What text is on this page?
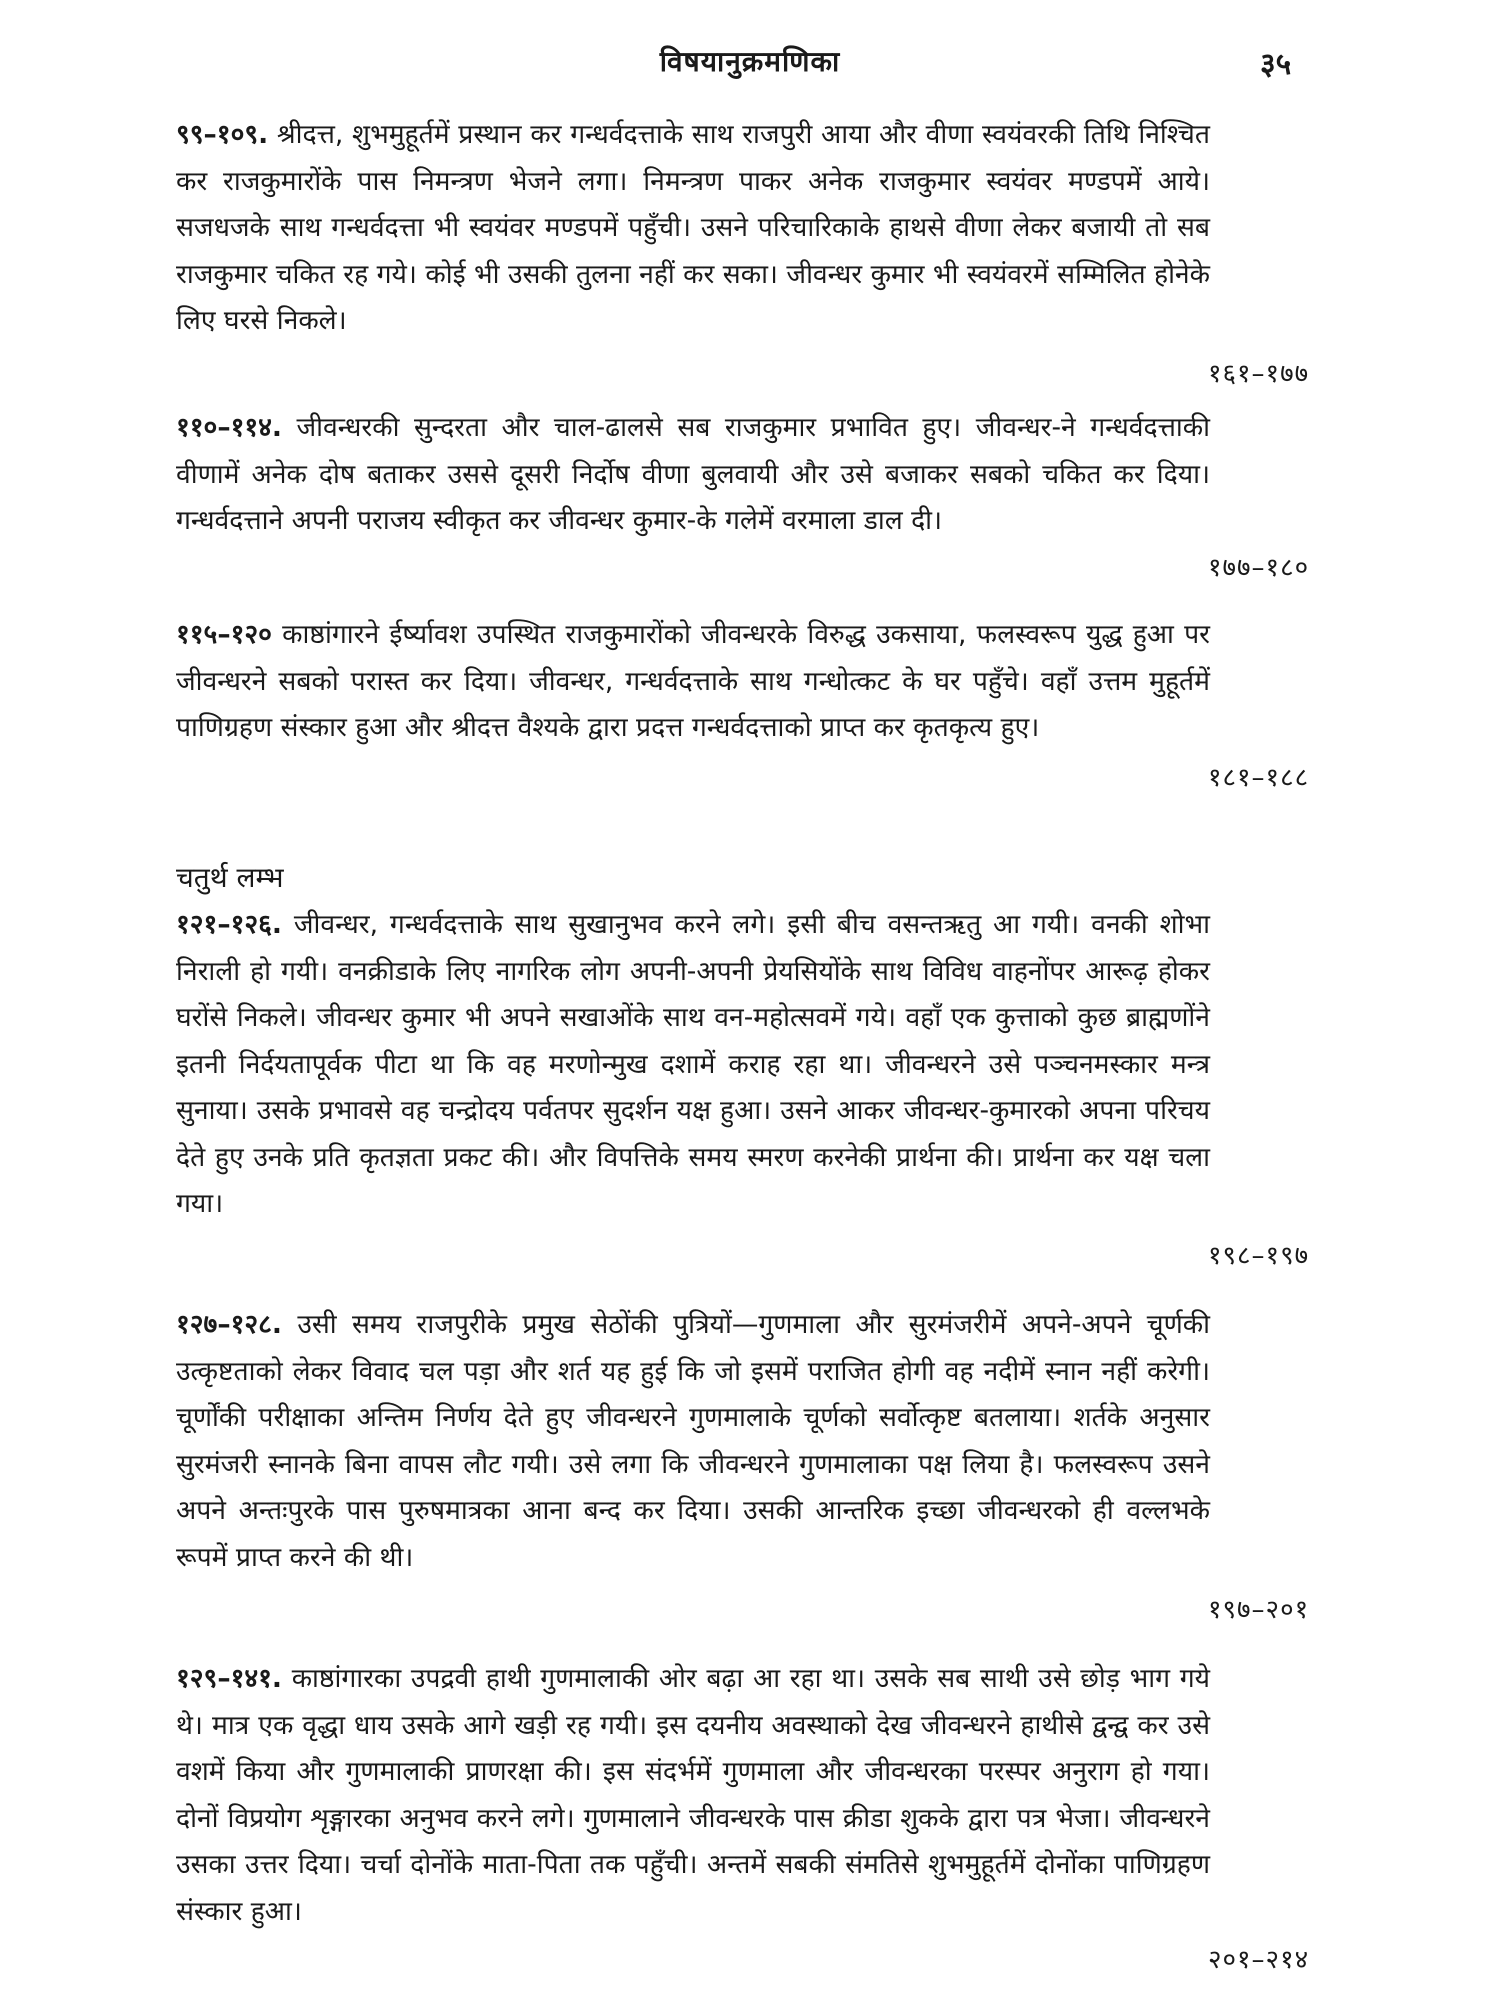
विषयानुक्रमणिका	३५

९९–१०९. श्रीदत्त, शुभमुहूर्तमें प्रस्थान कर गन्धर्वदत्ताके साथ राजपुरी आया और वीणा स्वयंवरकी तिथि निश्चित कर राजकुमारोंके पास निमन्त्रण भेजने लगा। निमन्त्रण पाकर अनेक राजकुमार स्वयंवर मण्डपमें आये। सजधजके साथ गन्धर्वदत्ता भी स्वयंवर मण्डपमें पहुँची। उसने परिचारिकाके हाथसे वीणा लेकर बजायी तो सब राजकुमार चकित रह गये। कोई भी उसकी तुलना नहीं कर सका। जीवन्धर कुमार भी स्वयंवरमें सम्मिलित होनेके लिए घरसे निकले।

१६१–१७७

११०–११४. जीवन्धरकी सुन्दरता और चाल-ढालसे सब राजकुमार प्रभावित हुए। जीवन्धर-ने गन्धर्वदत्ताकी वीणामें अनेक दोष बताकर उससे दूसरी निर्दोष वीणा बुलवायी और उसे बजाकर सबको चकित कर दिया। गन्धर्वदत्ताने अपनी पराजय स्वीकृत कर जीवन्धर कुमार-के गलेमें वरमाला डाल दी।

१७७–१८०

११५–१२० काष्ठांगारने ईर्ष्यावश उपस्थित राजकुमारोंको जीवन्धरके विरुद्ध उकसाया, फलस्वरूप युद्ध हुआ पर जीवन्धरने सबको परास्त कर दिया। जीवन्धर, गन्धर्वदत्ताके साथ गन्धोत्कट के घर पहुँचे। वहाँ उत्तम मुहूर्तमें पाणिग्रहण संस्कार हुआ और श्रीदत्त वैश्यके द्वारा प्रदत्त गन्धर्वदत्ताको प्राप्त कर कृतकृत्य हुए।

१८१–१८८
चतुर्थ लम्भ

१२१–१२६. जीवन्धर, गन्धर्वदत्ताके साथ सुखानुभव करने लगे। इसी बीच वसन्तऋतु आ गयी। वनकी शोभा निराली हो गयी। वनक्रीडाके लिए नागरिक लोग अपनी-अपनी प्रेयसियोंके साथ विविध वाहनोंपर आरूढ़ होकर घरोंसे निकले। जीवन्धर कुमार भी अपने सखाओंके साथ वन-महोत्सवमें गये। वहाँ एक कुत्ताको कुछ ब्राह्मणोंने इतनी निर्दयतापूर्वक पीटा था कि वह मरणोन्मुख दशामें कराह रहा था। जीवन्धरने उसे पञ्चनमस्कार मन्त्र सुनाया। उसके प्रभावसे वह चन्द्रोदय पर्वतपर सुदर्शन यक्ष हुआ। उसने आकर जीवन्धर-कुमारको अपना परिचय देते हुए उनके प्रति कृतज्ञता प्रकट की। और विपत्तिके समय स्मरण करनेकी प्रार्थना की। प्रार्थना कर यक्ष चला गया।

१९८–१९७

१२७–१२८. उसी समय राजपुरीके प्रमुख सेठोंकी पुत्रियों—गुणमाला और सुरमंजरीमें अपने-अपने चूर्णकी उत्कृष्टताको लेकर विवाद चल पड़ा और शर्त यह हुई कि जो इसमें पराजित होगी वह नदीमें स्नान नहीं करेगी। चूर्णोंकी परीक्षाका अन्तिम निर्णय देते हुए जीवन्धरने गुणमालाके चूर्णको सर्वोत्कृष्ट बतलाया। शर्तके अनुसार सुरमंजरी स्नानके बिना वापस लौट गयी। उसे लगा कि जीवन्धरने गुणमालाका पक्ष लिया है। फलस्वरूप उसने अपने अन्तःपुरके पास पुरुषमात्रका आना बन्द कर दिया। उसकी आन्तरिक इच्छा जीवन्धरको ही वल्लभके रूपमें प्राप्त करने की थी।

१९७–२०१

१२९–१४१. काष्ठांगारका उपद्रवी हाथी गुणमालाकी ओर बढ़ा आ रहा था। उसके सब साथी उसे छोड़ भाग गये थे। मात्र एक वृद्धा धाय उसके आगे खड़ी रह गयी। इस दयनीय अवस्थाको देख जीवन्धरने हाथीसे द्वन्द्व कर उसे वशमें किया और गुणमालाकी प्राणरक्षा की। इस संदर्भमें गुणमाला और जीवन्धरका परस्पर अनुराग हो गया। दोनों विप्रयोग शृङ्गारका अनुभव करने लगे। गुणमालाने जीवन्धरके पास क्रीडा शुकके द्वारा पत्र भेजा। जीवन्धरने उसका उत्तर दिया। चर्चा दोनोंके माता-पिता तक पहुँची। अन्तमें सबकी संमतिसे शुभमुहूर्तमें दोनोंका पाणिग्रहण संस्कार हुआ।

२०१–२१४
